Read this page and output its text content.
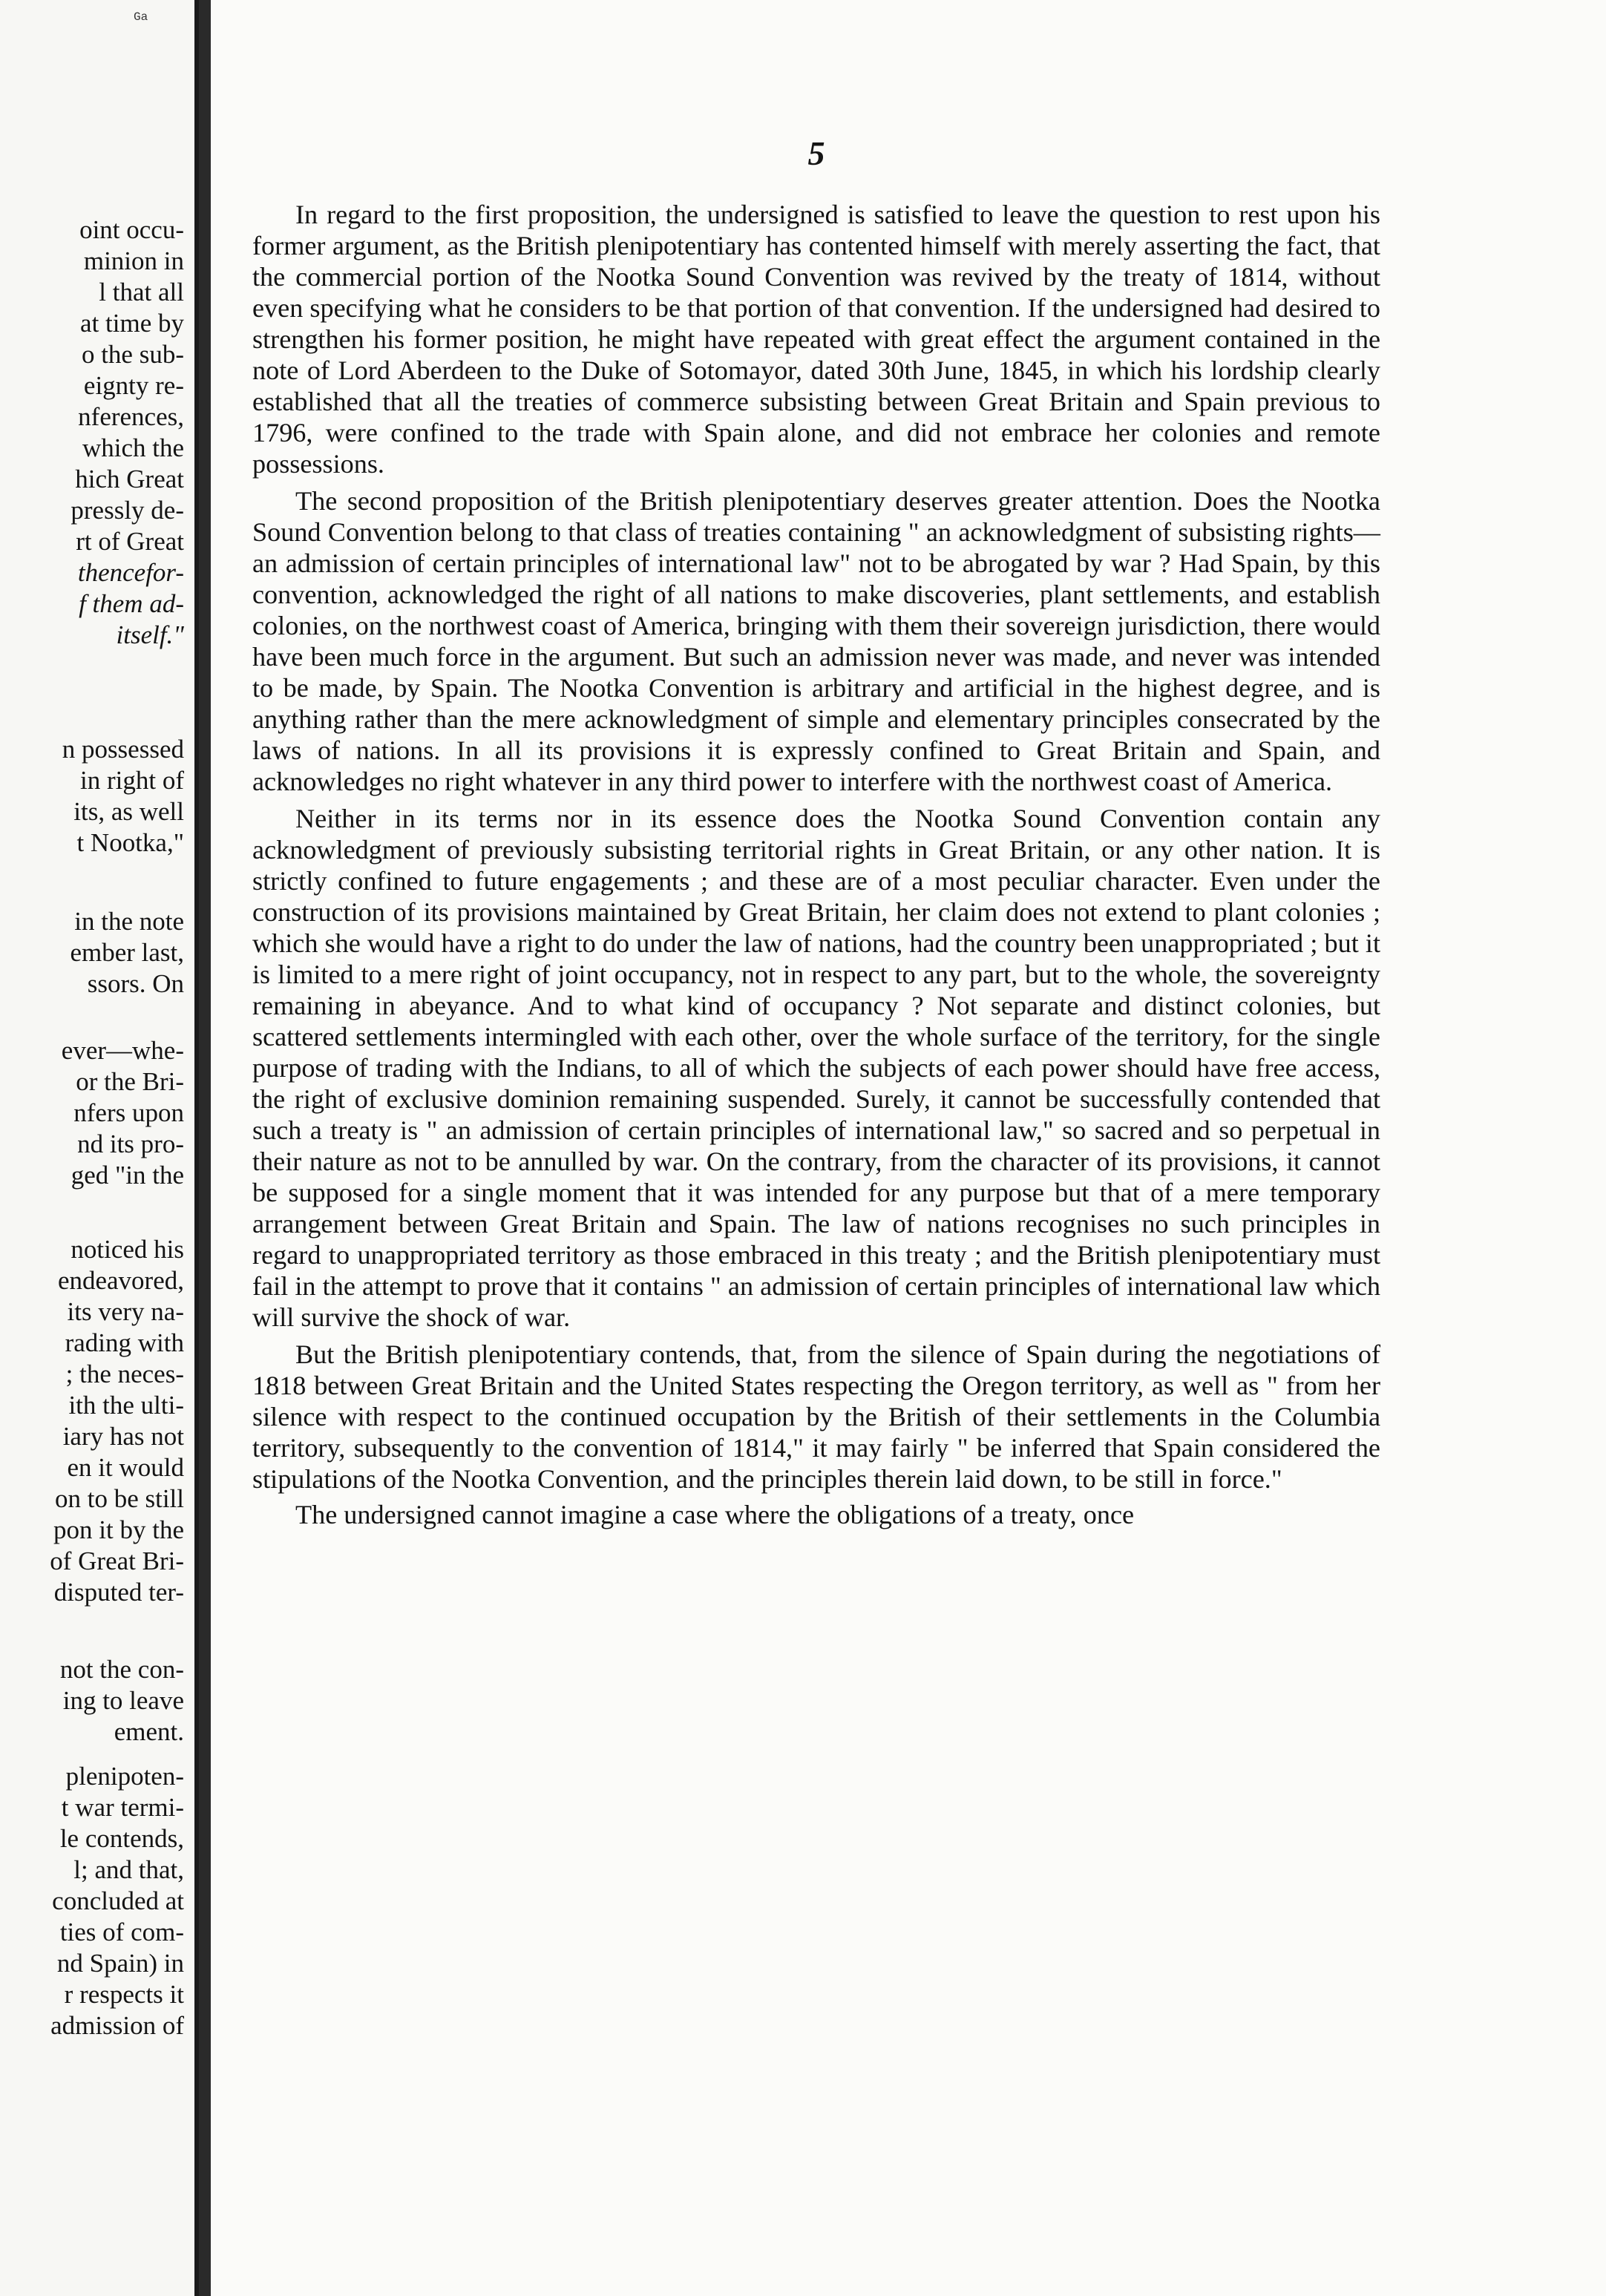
Ga
oint occu-
minion in
l that all
at time by
o the sub-
eignty re-
nferences,
which the
hich Great
pressly de-
rt of Great
thencefor-
f them ad-
itself."
n possessed
in right of
its, as well
t Nootka,"
in the note
ember last,
ssors. On
ever—whe-
or the Bri-
nfers upon
nd its pro-
ged "in the
noticed his
endeavored,
its very na-
rading with
; the neces-
ith the ulti-
iary has not
en it would
on to be still
pon it by the
of Great Bri-
disputed ter-
not the con-
ing to leave
ement.
plenipoten-
t war termi-
le contends,
l; and that,
concluded at
ties of com-
nd Spain) in
r respects it
admission of
5

In regard to the first proposition, the undersigned is satisfied to leave the question to rest upon his former argument, as the British plenipotentiary has contented himself with merely asserting the fact, that the commercial portion of the Nootka Sound Convention was revived by the treaty of 1814, without even specifying what he considers to be that portion of that convention. If the undersigned had desired to strengthen his former position, he might have repeated with great effect the argument contained in the note of Lord Aberdeen to the Duke of Sotomayor, dated 30th June, 1845, in which his lordship clearly established that all the treaties of commerce subsisting between Great Britain and Spain previous to 1796, were confined to the trade with Spain alone, and did not embrace her colonies and remote possessions.

The second proposition of the British plenipotentiary deserves greater attention. Does the Nootka Sound Convention belong to that class of treaties containing " an acknowledgment of subsisting rights—an admission of certain principles of international law" not to be abrogated by war ? Had Spain, by this convention, acknowledged the right of all nations to make discoveries, plant settlements, and establish colonies, on the northwest coast of America, bringing with them their sovereign jurisdiction, there would have been much force in the argument. But such an admission never was made, and never was intended to be made, by Spain. The Nootka Convention is arbitrary and artificial in the highest degree, and is anything rather than the mere acknowledgment of simple and elementary principles consecrated by the laws of nations. In all its provisions it is expressly confined to Great Britain and Spain, and acknowledges no right whatever in any third power to interfere with the northwest coast of America.

Neither in its terms nor in its essence does the Nootka Sound Convention contain any acknowledgment of previously subsisting territorial rights in Great Britain, or any other nation. It is strictly confined to future engagements ; and these are of a most peculiar character. Even under the construction of its provisions maintained by Great Britain, her claim does not extend to plant colonies ; which she would have a right to do under the law of nations, had the country been unappropriated ; but it is limited to a mere right of joint occupancy, not in respect to any part, but to the whole, the sovereignty remaining in abeyance. And to what kind of occupancy ? Not separate and distinct colonies, but scattered settlements intermingled with each other, over the whole surface of the territory, for the single purpose of trading with the Indians, to all of which the subjects of each power should have free access, the right of exclusive dominion remaining suspended. Surely, it cannot be successfully contended that such a treaty is " an admission of certain principles of international law," so sacred and so perpetual in their nature as not to be annulled by war. On the contrary, from the character of its provisions, it cannot be supposed for a single moment that it was intended for any purpose but that of a mere temporary arrangement between Great Britain and Spain. The law of nations recognises no such principles in regard to unappropriated territory as those embraced in this treaty ; and the British plenipotentiary must fail in the attempt to prove that it contains " an admission of certain principles of international law which will survive the shock of war.

But the British plenipotentiary contends, that, from the silence of Spain during the negotiations of 1818 between Great Britain and the United States respecting the Oregon territory, as well as " from her silence with respect to the continued occupation by the British of their settlements in the Columbia territory, subsequently to the convention of 1814," it may fairly " be inferred that Spain considered the stipulations of the Nootka Convention, and the principles therein laid down, to be still in force."

The undersigned cannot imagine a case where the obligations of a treaty, once
